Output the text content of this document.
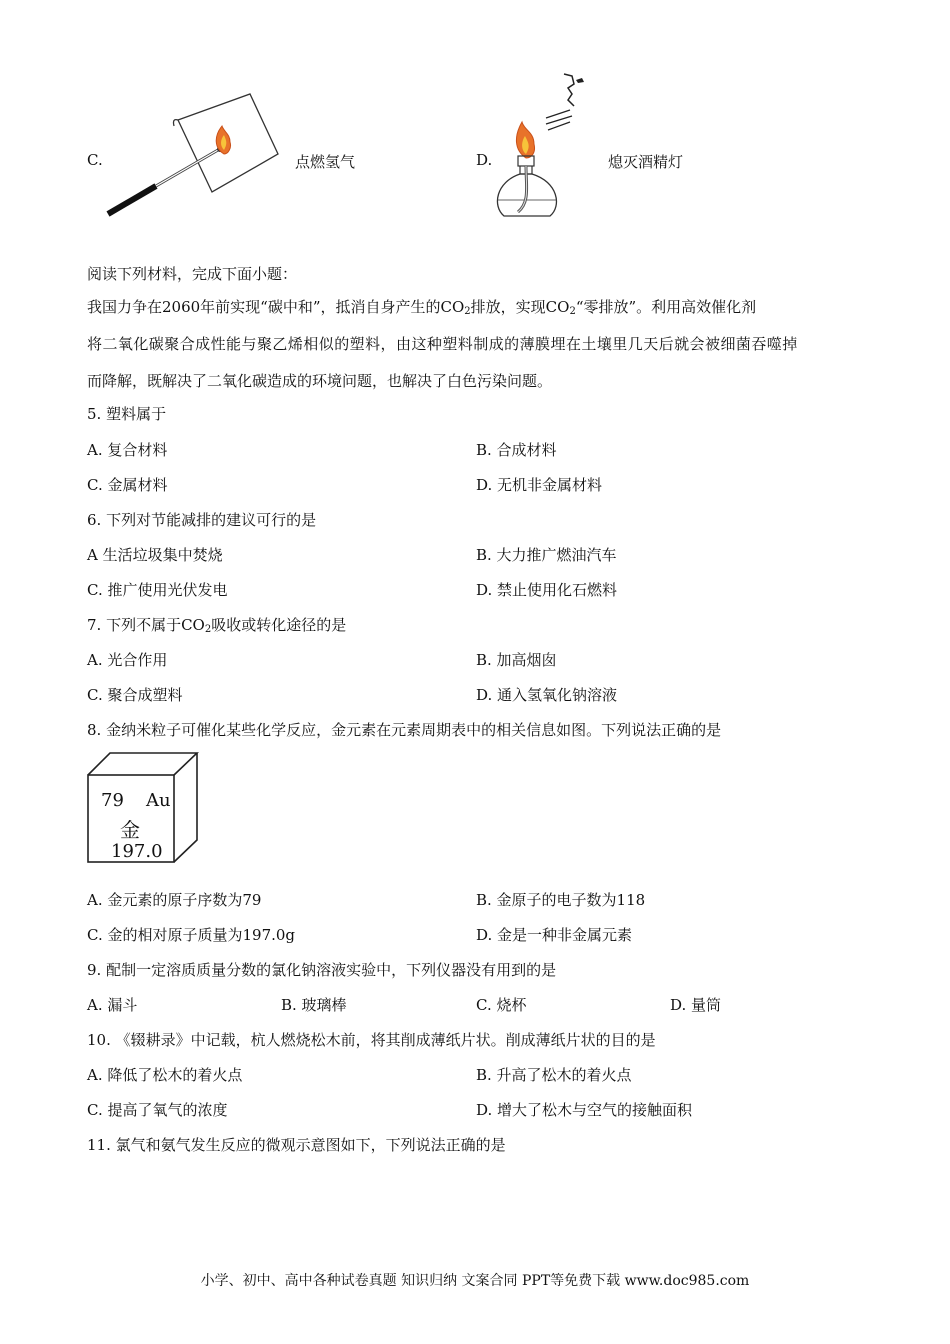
C.	点燃氢气	D.	熄灭酒精灯
阅读下列材料，完成下面小题：
我国力争在2060年前实现“碳中和”，抵消自身产生的$CO_2$排放，实现$CO_2“$零排放”。利用高效催化剂
将二氧化碳聚合成性能与聚乙烯相似的塑料，由这种塑料制成的薄膜埋在土壤里几天后就会被细菌吞噬掉
而降解，既解决了二氧化碳造成的环境问题，也解决了白色污染问题。
5. 塑料属于
A. 复合材料	B. 合成材料
C. 金属材料	D. 无机非金属材料
6. 下列对节能减排的建议可行的是
A 生活垃圾集中焚烧	B. 大力推广燃油汽车
C. 推广使用光伏发电	D. 禁止使用化石燃料
7. 下列不属于$CO_2$吸收或转化途径的是
A. 光合作用	B. 加高烟囱
C. 聚合成塑料	D. 通入氢氧化钠溶液
8. 金纳米粒子可催化某些化学反应，金元素在元素周期表中的相关信息如图。下列说法正确的是
79 Au
金
197.0
A. 金元素的原子序数为79	B. 金原子的电子数为118
C. 金的相对原子质量为197.0g	D. 金是一种非金属元素
9. 配制一定溶质质量分数的氯化钠溶液实验中，下列仪器没有用到的是
A. 漏斗	B. 玻璃棒	C. 烧杯	D. 量筒
10. 《辍耕录》中记载，杭人燃烧松木前，将其削成薄纸片状。削成薄纸片状的目的是
A. 降低了松木的着火点	B. 升高了松木的着火点
C. 提高了氧气的浓度	D. 增大了松木与空气的接触面积
11. 氯气和氨气发生反应的微观示意图如下，下列说法正确的是
小学、初中、高中各种试卷真题 知识归纳 文案合同 PPT等免费下载 www.doc985.com
